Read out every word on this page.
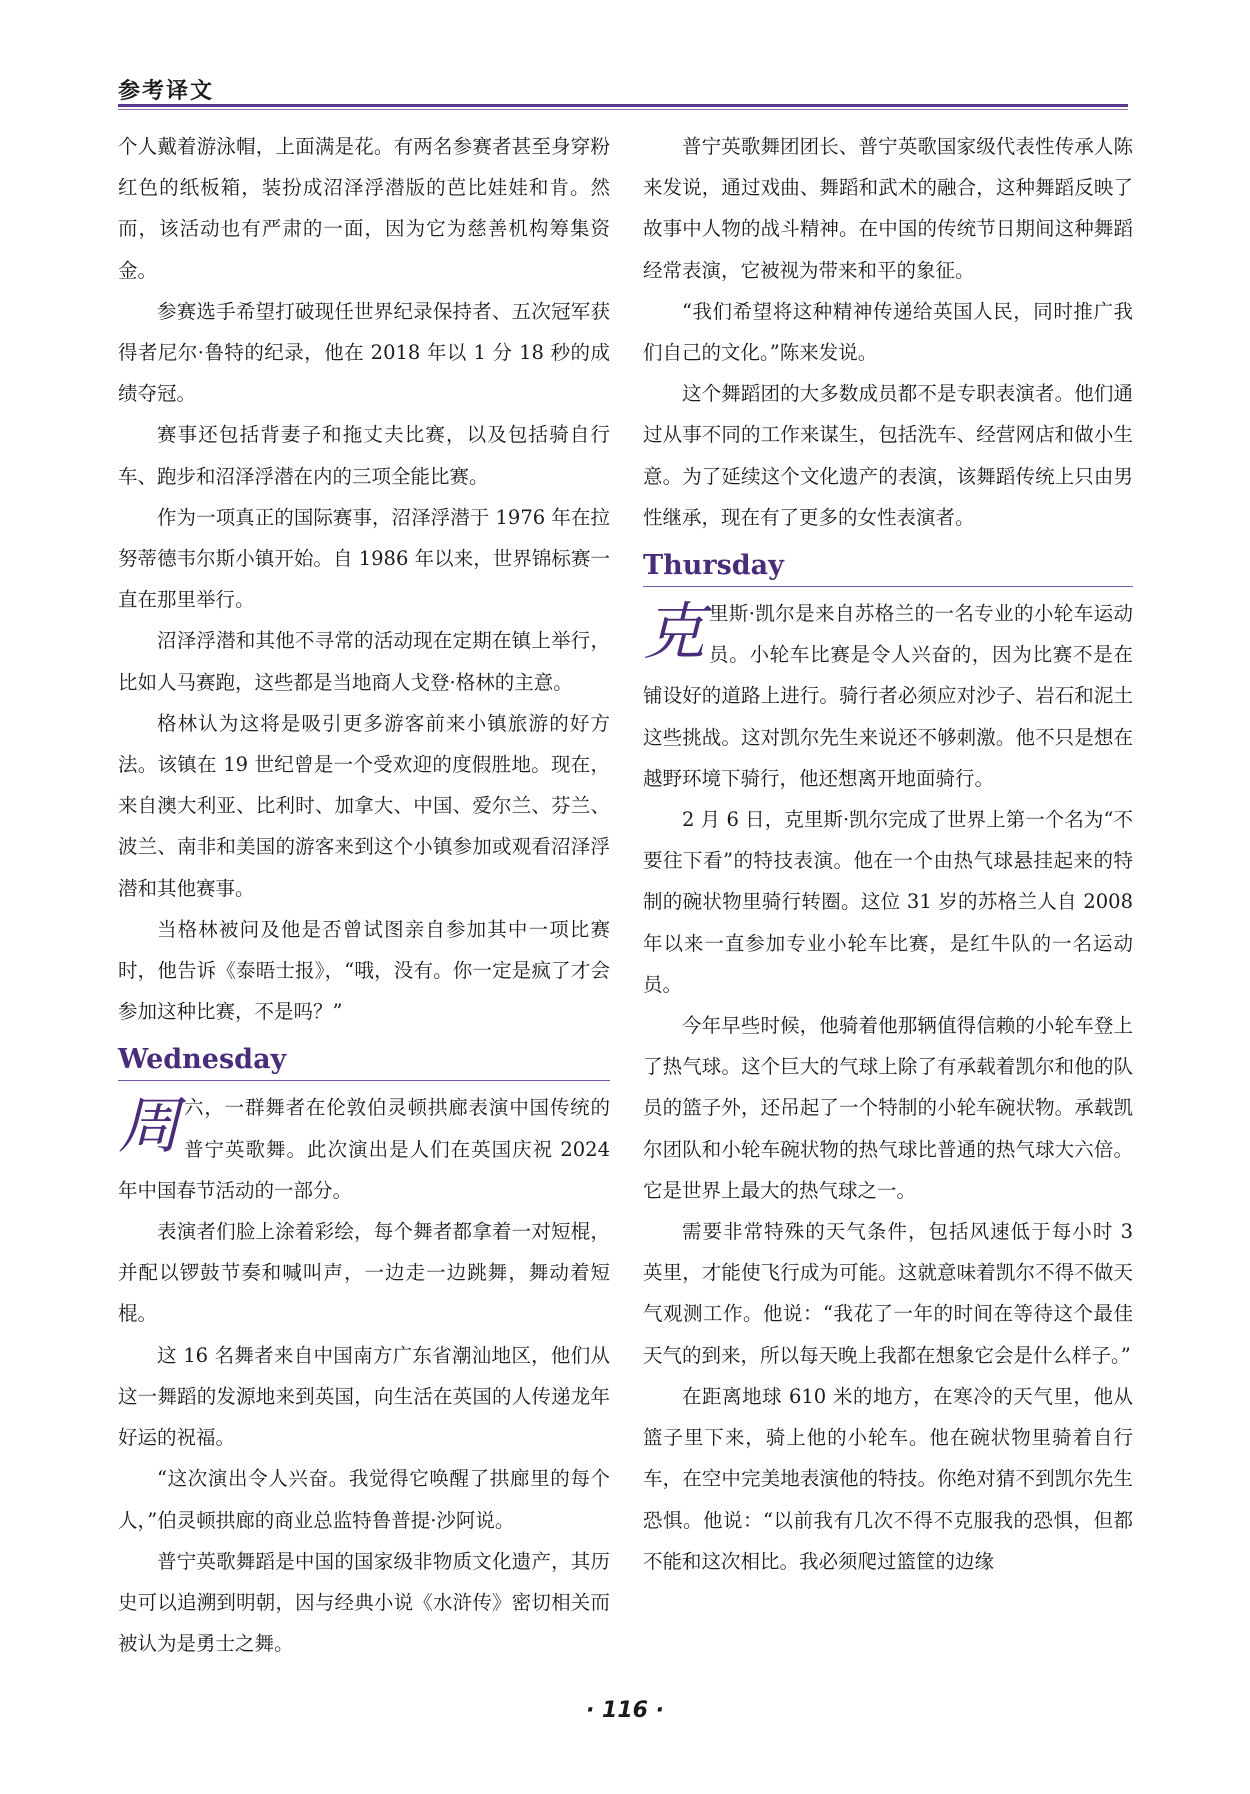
参考译文

个人戴着游泳帽，上面满是花。有两名参赛者甚至身穿粉红色的纸板箱，装扮成沼泽浮潜版的芭比娃娃和肯。然而，该活动也有严肃的一面，因为它为慈善机构筹集资金。

参赛选手希望打破现任世界纪录保持者、五次冠军获得者尼尔·鲁特的纪录，他在 2018 年以 1 分 18 秒的成绩夺冠。

赛事还包括背妻子和拖丈夫比赛，以及包括骑自行车、跑步和沼泽浮潜在内的三项全能比赛。

作为一项真正的国际赛事，沼泽浮潜于 1976 年在拉努蒂德韦尔斯小镇开始。自 1986 年以来，世界锦标赛一直在那里举行。

沼泽浮潜和其他不寻常的活动现在定期在镇上举行，比如人马赛跑，这些都是当地商人戈登·格林的主意。

格林认为这将是吸引更多游客前来小镇旅游的好方法。该镇在 19 世纪曾是一个受欢迎的度假胜地。现在，来自澳大利亚、比利时、加拿大、中国、爱尔兰、芬兰、波兰、南非和美国的游客来到这个小镇参加或观看沼泽浮潜和其他赛事。

当格林被问及他是否曾试图亲自参加其中一项比赛时，他告诉《泰晤士报》，“哦，没有。你一定是疯了才会参加这种比赛，不是吗？”

Wednesday

周六，一群舞者在伦敦伯灵顿拱廊表演中国传统的普宁英歌舞。此次演出是人们在英国庆祝 2024 年中国春节活动的一部分。

表演者们脸上涂着彩绘，每个舞者都拿着一对短棍，并配以锣鼓节奏和喊叫声，一边走一边跳舞，舞动着短棍。

这 16 名舞者来自中国南方广东省潮汕地区，他们从这一舞蹈的发源地来到英国，向生活在英国的人传递龙年好运的祝福。

“这次演出令人兴奋。我觉得它唤醒了拱廊里的每个人，”伯灵顿拱廊的商业总监特鲁普提·沙阿说。

普宁英歌舞蹈是中国的国家级非物质文化遗产，其历史可以追溯到明朝，因与经典小说《水浒传》密切相关而被认为是勇士之舞。

普宁英歌舞团团长、普宁英歌国家级代表性传承人陈来发说，通过戏曲、舞蹈和武术的融合，这种舞蹈反映了故事中人物的战斗精神。在中国的传统节日期间这种舞蹈经常表演，它被视为带来和平的象征。

“我们希望将这种精神传递给英国人民，同时推广我们自己的文化。”陈来发说。

这个舞蹈团的大多数成员都不是专职表演者。他们通过从事不同的工作来谋生，包括洗车、经营网店和做小生意。为了延续这个文化遗产的表演，该舞蹈传统上只由男性继承，现在有了更多的女性表演者。

Thursday

克里斯·凯尔是来自苏格兰的一名专业的小轮车运动员。小轮车比赛是令人兴奋的，因为比赛不是在铺设好的道路上进行。骑行者必须应对沙子、岩石和泥土这些挑战。这对凯尔先生来说还不够刺激。他不只是想在越野环境下骑行，他还想离开地面骑行。

2 月 6 日，克里斯·凯尔完成了世界上第一个名为“不要往下看”的特技表演。他在一个由热气球悬挂起来的特制的碗状物里骑行转圈。这位 31 岁的苏格兰人自 2008 年以来一直参加专业小轮车比赛，是红牛队的一名运动员。

今年早些时候，他骑着他那辆值得信赖的小轮车登上了热气球。这个巨大的气球上除了有承载着凯尔和他的队员的篮子外，还吊起了一个特制的小轮车碗状物。承载凯尔团队和小轮车碗状物的热气球比普通的热气球大六倍。它是世界上最大的热气球之一。

需要非常特殊的天气条件，包括风速低于每小时 3 英里，才能使飞行成为可能。这就意味着凯尔不得不做天气观测工作。他说：“我花了一年的时间在等待这个最佳天气的到来，所以每天晚上我都在想象它会是什么样子。”

在距离地球 610 米的地方，在寒冷的天气里，他从篮子里下来，骑上他的小轮车。他在碗状物里骑着自行车，在空中完美地表演他的特技。你绝对猜不到凯尔先生恐惧。他说：“以前我有几次不得不克服我的恐惧，但都不能和这次相比。我必须爬过篮筐的边缘

· 116 ·
